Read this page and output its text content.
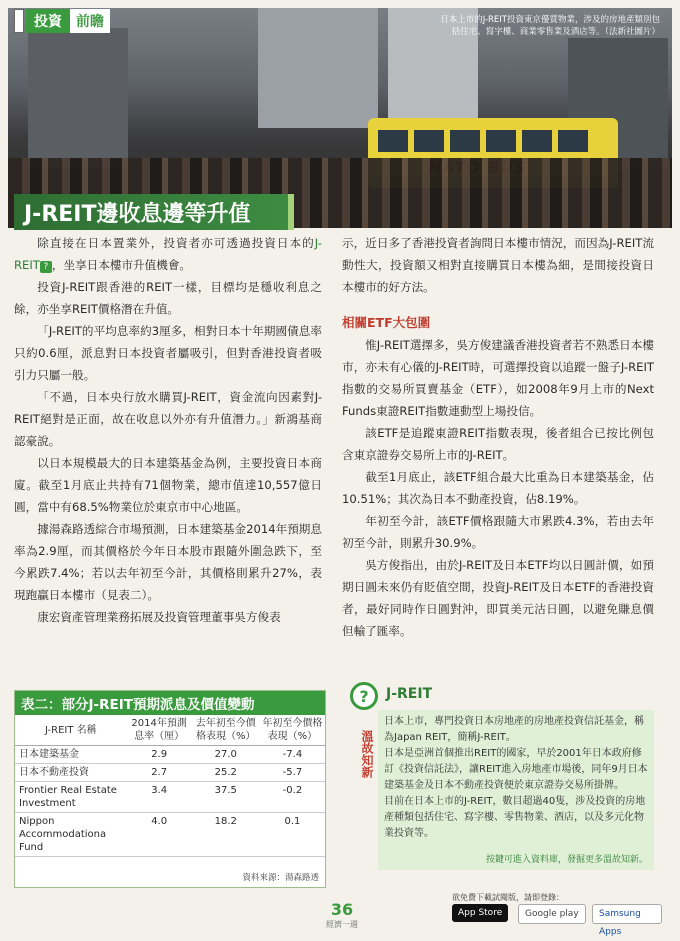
日本上市的J-REIT投資東京優質物業，涉及的房地產類別包括住宅、寫字樓、商業零售業及酒店等。（法新社圖片）
投資	前瞻
J-REIT邊收息邊等升值

除直接在日本置業外，投資者亦可透過投資日本的J-REIT ? ，坐享日本樓市升值機會。

投資J-REIT跟香港的REIT一樣，目標均是穩收利息之餘，亦坐享REIT價格潛在升值。

「J-REIT的平均息率約3厘多，相對日本十年期國債息率只約0.6厘，派息對日本投資者屬吸引，但對香港投資者吸引力只屬一般。

「不過，日本央行放水購買J-REIT，資金流向因素對J-REIT絕對是正面，故在收息以外亦有升值潛力。」新鴻基商認豪說。

以日本規模最大的日本建築基金為例，主要投資日本商廈。截至1月底止共持有71個物業，總市值達10,557億日圓，當中有68.5%物業位於東京市中心地區。

據湯森路透綜合市場預測，日本建築基金2014年預期息率為2.9厘，而其價格於今年日本股市跟隨外圍急跌下，至今累跌7.4%；若以去年初至今計，其價格則累升27%，表現跑贏日本樓市（見表二）。

康宏資產管理業務拓展及投資管理董事吳方俊表

示，近日多了香港投資者詢問日本樓市情況，而因為J-REIT流動性大，投資額又相對直接購買日本樓為細，是間接投資日本樓市的好方法。

相關ETF大包圍

惟J-REIT選擇多，吳方俊建議香港投資者若不熟悉日本樓市，亦未有心儀的J-REIT時，可選擇投資以追蹤一盤子J-REIT指數的交易所買賣基金（ETF），如2008年9月上市的Next Funds東證REIT指數連動型上場投信。

該ETF是追蹤東證REIT指數表現，後者組合已按比例包含東京證券交易所上市的J-REIT。

截至1月底止，該ETF組合最大比重為日本建築基金，佔10.51%；其次為日本不動產投資，佔8.19%。

年初至今計，該ETF價格跟隨大市累跌4.3%，若由去年初至今計，則累升30.9%。

吳方俊指出，由於J-REIT及日本ETF均以日圓計價，如預期日圓未來仍有貶值空間，投資J-REIT及日本ETF的香港投資者，最好同時作日圓對沖，即買美元沽日圓，以避免賺息價但輸了匯率。

表二：部分J-REIT預期派息及價值變動
J-REIT 名稱	2014年預測息率（厘）	去年初至今價格表現（%）	年初至今價格表現（%）
日本建築基金	2.9	27.0	-7.4
日本不動產投資	2.7	25.2	-5.7
Frontier Real Estate Investment	3.4	37.5	-0.2
Nippon Accommodationa Fund	4.0	18.2	0.1
資料來源：湯森路透
?	J-REIT
溫故知新

日本上市，專門投資日本房地產的房地產投資信託基金，稱為Japan REIT，簡稱J-REIT。

日本是亞洲首個推出REIT的國家，早於2001年日本政府修訂《投資信託法》，讓REIT進入房地產市場後，同年9月日本建築基金及日本不動產投資便於東京證券交易所掛牌。

目前在日本上市的J-REIT，數目超過40隻，涉及投資的房地產種類包括住宅、寫字樓、零售物業、酒店，以及多元化物業投資等。

按鍵可進入資料庫，發掘更多溫故知新。
36
經濟一週
欲免費下載試閱版，請即登錄：
App Store	Google play	Samsung Apps
